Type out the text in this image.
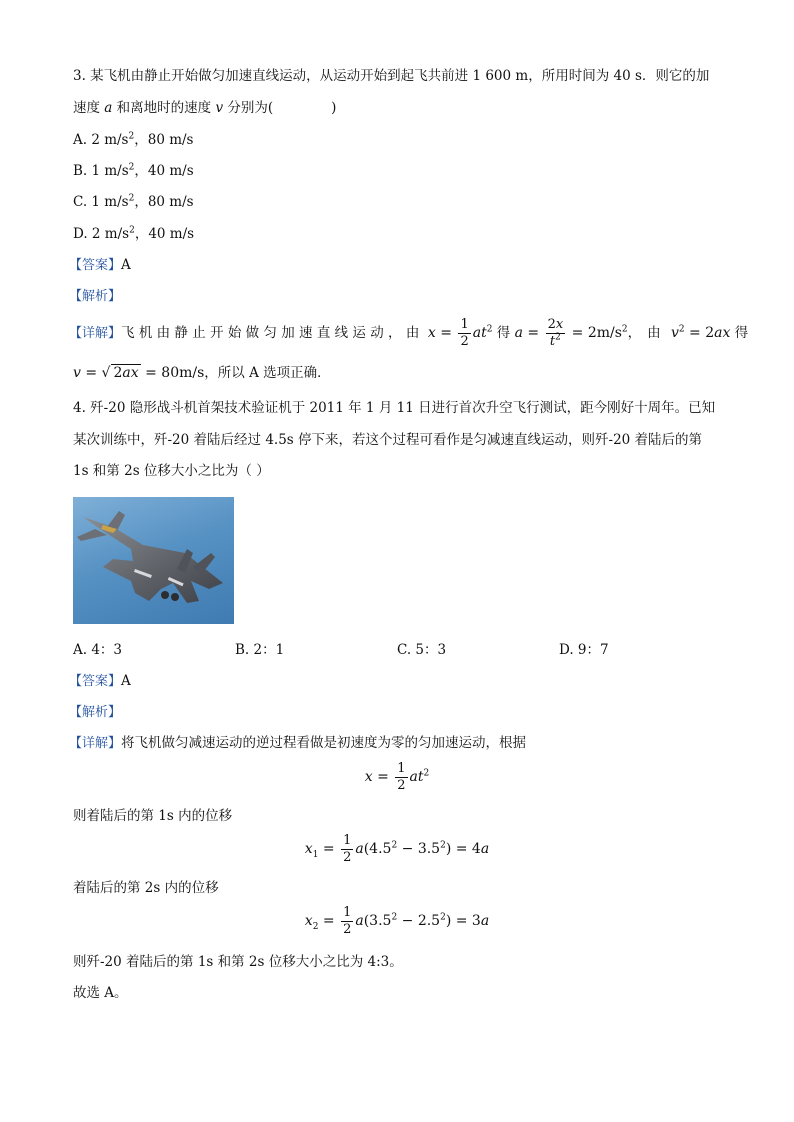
3. 某飞机由静止开始做匀加速直线运动，从运动开始到起飞共前进 1 600 m，所用时间为 40 s．则它的加
速度 a 和离地时的速度 v 分别为(	)
A. 2 $m/s^2$，80 m/s
B. 1 $m/s^2$，40 m/s
C. 1 $m/s^2$，80 m/s
D. 2 $m/s^2$，40 m/s
【答案】A
【解析】
【详解】飞机由静止开始做匀加速直线运动，由 $x = \frac{1}{2} at^2$ 得 $a = \frac{2x}{t^2} = 2m/s^2$，由 $v^2 = 2ax$ 得
v = √ 2ax = 80m/s，所以 A 选项正确．
4. 歼-20 隐形战斗机首架技术验证机于 2011 年 1 月 11 日进行首次升空飞行测试，距今刚好十周年。已知
某次训练中，歼-20 着陆后经过 4.5s 停下来，若这个过程可看作是匀减速直线运动，则歼-20 着陆后的第
1s 和第 2s 位移大小之比为（ ）
A. 4：3	B. 2：1	C. 5：3	D. 9：7
【答案】A
【解析】
【详解】将飞机做匀减速运动的逆过程看做是初速度为零的匀加速运动，根据
$x = \frac{1}{2} at^2$
则着陆后的第 1s 内的位移
$x_1 = \frac{1}{2} a(4.5^2 - 3.5^2) = 4a$
着陆后的第 2s 内的位移
$x_2 = \frac{1}{2} a(3.5^2 - 2.5^2) = 3a$
则歼-20 着陆后的第 1s 和第 2s 位移大小之比为 4:3。
故选 A。
